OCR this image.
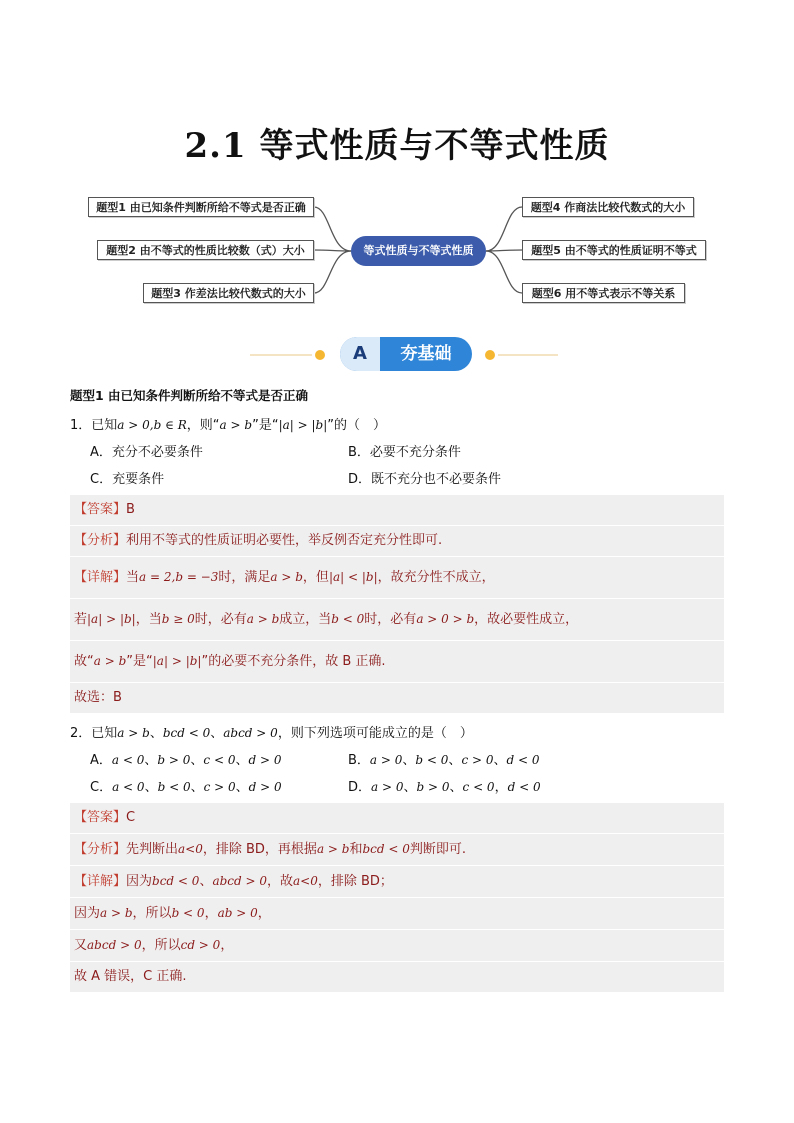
2.1 等式性质与不等式性质
题型1 由已知条件判断所给不等式是否正确
题型2 由不等式的性质比较数（式）大小
题型3 作差法比较代数式的大小
等式性质与不等式性质
题型4 作商法比较代数式的大小
题型5 由不等式的性质证明不等式
题型6 用不等式表示不等关系
A	夯基础
题型1 由已知条件判断所给不等式是否正确
1．已知a > 0,b ∈ R，则“a > b”是“|a| > |b|”的（　）
A．充分不必要条件	B．必要不充分条件
C．充要条件	D．既不充分也不必要条件
【答案】B
【分析】利用不等式的性质证明必要性，举反例否定充分性即可.
【详解】当a = 2,b = −3时，满足a > b，但|a| < |b|，故充分性不成立，
若|a| > |b|，当b ≥ 0时，必有a > b成立，当b < 0时，必有a > 0 > b，故必要性成立，
故“a > b”是“|a| > |b|”的必要不充分条件，故 B 正确.
故选：B
2．已知a > b、bcd < 0、abcd > 0，则下列选项可能成立的是（　）
A．a < 0、b > 0、c < 0、d > 0	B．a > 0、b < 0、c > 0、d < 0
C．a < 0、b < 0、c > 0、d > 0	D．a > 0、b > 0、c < 0，d < 0
【答案】C
【分析】先判断出a<0，排除 BD，再根据a > b和bcd < 0判断即可.
【详解】因为bcd < 0、abcd > 0，故a<0，排除 BD；
因为a > b，所以b < 0，ab > 0，
又abcd > 0，所以cd > 0，
故 A 错误，C 正确.
